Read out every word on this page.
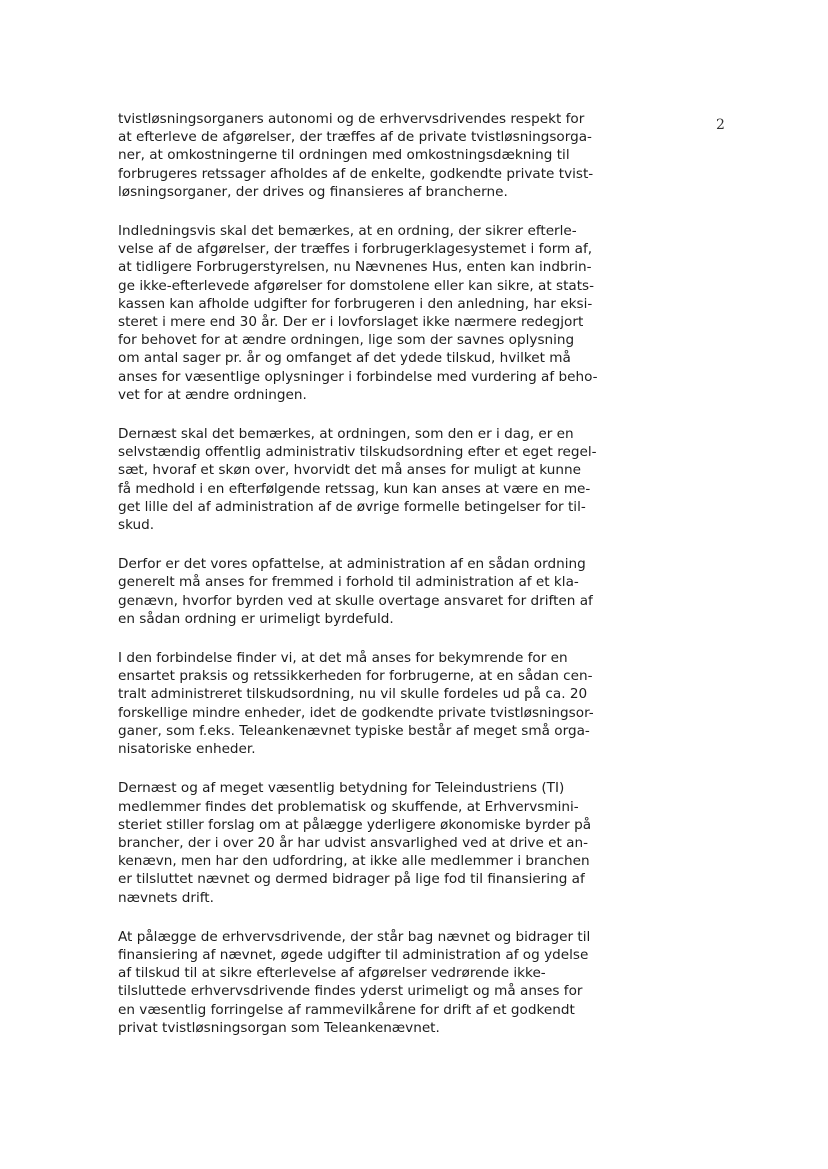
2

tvistløsningsorganers autonomi og de erhvervsdrivendes respekt for
at efterleve de afgørelser, der træffes af de private tvistløsningsorga-
ner, at omkostningerne til ordningen med omkostningsdækning til
forbrugeres retssager afholdes af de enkelte, godkendte private tvist-
løsningsorganer, der drives og finansieres af brancherne.

Indledningsvis skal det bemærkes, at en ordning, der sikrer efterle-
velse af de afgørelser, der træffes i forbrugerklagesystemet i form af,
at tidligere Forbrugerstyrelsen, nu Nævnenes Hus, enten kan indbrin-
ge ikke-efterlevede afgørelser for domstolene eller kan sikre, at stats-
kassen kan afholde udgifter for forbrugeren i den anledning, har eksi-
steret i mere end 30 år. Der er i lovforslaget ikke nærmere redegjort
for behovet for at ændre ordningen, lige som der savnes oplysning
om antal sager pr. år og omfanget af det ydede tilskud, hvilket må
anses for væsentlige oplysninger i forbindelse med vurdering af beho-
vet for at ændre ordningen.

Dernæst skal det bemærkes, at ordningen, som den er i dag, er en
selvstændig offentlig administrativ tilskudsordning efter et eget regel-
sæt, hvoraf et skøn over, hvorvidt det må anses for muligt at kunne
få medhold i en efterfølgende retssag, kun kan anses at være en me-
get lille del af administration af de øvrige formelle betingelser for til-
skud.

Derfor er det vores opfattelse, at administration af en sådan ordning
generelt må anses for fremmed i forhold til administration af et kla-
genævn, hvorfor byrden ved at skulle overtage ansvaret for driften af
en sådan ordning er urimeligt byrdefuld.

I den forbindelse finder vi, at det må anses for bekymrende for en
ensartet praksis og retssikkerheden for forbrugerne, at en sådan cen-
tralt administreret tilskudsordning, nu vil skulle fordeles ud på ca. 20
forskellige mindre enheder, idet de godkendte private tvistløsningsor-
ganer, som f.eks. Teleankenævnet typiske består af meget små orga-
nisatoriske enheder.

Dernæst og af meget væsentlig betydning for Teleindustriens (TI)
medlemmer findes det problematisk og skuffende, at Erhvervsmini-
steriet stiller forslag om at pålægge yderligere økonomiske byrder på
brancher, der i over 20 år har udvist ansvarlighed ved at drive et an-
kenævn, men har den udfordring, at ikke alle medlemmer i branchen
er tilsluttet nævnet og dermed bidrager på lige fod til finansiering af
nævnets drift.

At pålægge de erhvervsdrivende, der står bag nævnet og bidrager til
finansiering af nævnet, øgede udgifter til administration af og ydelse
af tilskud til at sikre efterlevelse af afgørelser vedrørende ikke-
tilsluttede erhvervsdrivende findes yderst urimeligt og må anses for
en væsentlig forringelse af rammevilkårene for drift af et godkendt
privat tvistløsningsorgan som Teleankenævnet.
